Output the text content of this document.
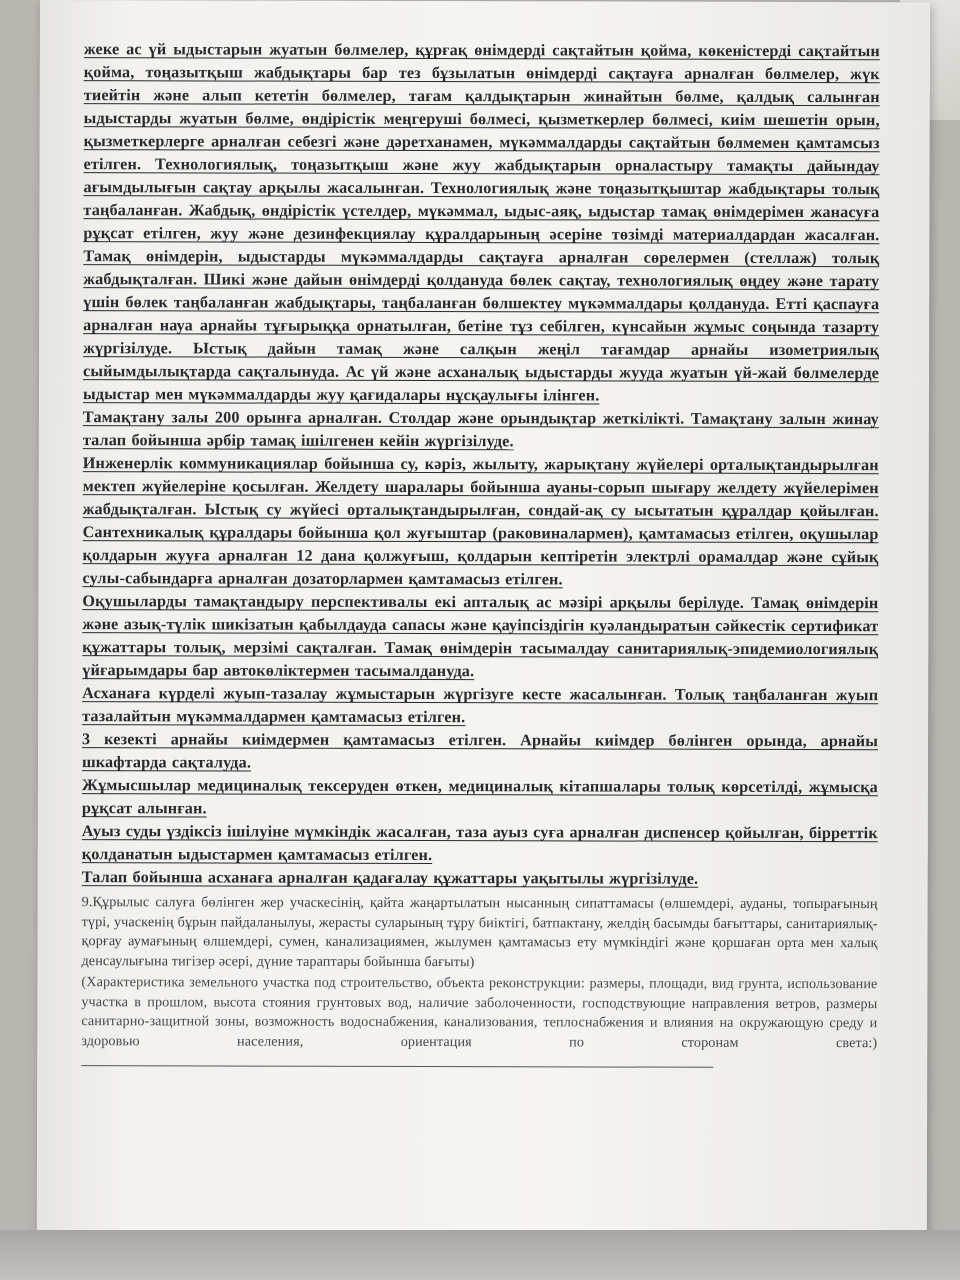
жеке ас үй ыдыстарын жуатын бөлмелер, құрғақ өнімдерді сақтайтын қойма, көкеністерді сақтайтын қойма, тоңазытқыш жабдықтары бар тез бұзылатын өнімдерді сақтауға арналған бөлмелер, жүк тиейтін және алып кететін бөлмелер, тағам қалдықтарын жинайтын бөлме, қалдық салынған ыдыстарды жуатын бөлме, өндірістік меңгеруші бөлмесі, қызметкерлер бөлмесі, киім шешетін орын, қызметкерлерге арналған себезгі және дәретханамен, мүкәммалдарды сақтайтын бөлмемен қамтамсыз етілген. Технологиялық, тоңазытқыш және жуу жабдықтарын орналастыру тамақты дайындау ағымдылығын сақтау арқылы жасалынған. Технологиялық және тоңазытқыштар жабдықтары толық таңбаланған. Жабдық, өндірістік үстелдер, мүкәммал, ыдыс-аяқ, ыдыстар тамақ өнімдерімен жанасуға рұқсат етілген, жуу және дезинфекциялау құралдарының әсеріне төзімді материалдардан жасалған. Тамақ өнімдерін, ыдыстарды мүкәммалдарды сақтауға арналған сөрелермен (стеллаж) толық жабдықталған. Шикі және дайын өнімдерді қолдануда бөлек сақтау, технологиялық өңдеу және тарату үшін бөлек таңбаланған жабдықтары, таңбаланған бөлшектеу мүкәммалдары қолдануда. Етті қаспауға арналған науа арнайы тұғырыққа орнатылған, бетіне тұз себілген, күнсайын жұмыс соңында тазарту жүргізілуде. Ыстық дайын тамақ және салқын жеңіл тағамдар арнайы изометриялық сыйымдылықтарда сақталынуда. Ас үй және асханалық ыдыстарды жууда жуатын үй-жай бөлмелерде ыдыстар мен мүкәммалдарды жуу қағидалары нұсқаулығы ілінген.

Тамақтану залы 200 орынға арналған. Столдар және орындықтар жеткілікті. Тамақтану залын жинау талап бойынша әрбір тамақ ішілгенен кейін жүргізілуде.

Инженерлік коммуникациялар бойынша су, кәріз, жылыту, жарықтану жүйелері орталықтандырылған мектеп жүйелеріне қосылған. Желдету шаралары бойынша ауаны-сорып шығару желдету жүйелерімен жабдықталған. Ыстық су жүйесі орталықтандырылған, сондай-ақ су ысытатын құралдар қойылған. Сантехникалық құралдары бойынша қол жуғыштар (раковиналармен), қамтамасыз етілген, оқушылар қолдарын жууға арналған 12 дана қолжуғыш, қолдарын кептіретін электрлі орамалдар және сұйық сулы-сабындарға арналған дозаторлармен қамтамасыз етілген.

Оқушыларды тамақтандыру перспективалы екі апталық ас мәзірі арқылы берілуде. Тамақ өнімдерін және азық-түлік шикізатын қабылдауда сапасы және қауіпсіздігін куәландыратын сәйкестік сертификат құжаттары толық, мерзімі сақталған. Тамақ өнімдерін тасымалдау санитариялық-эпидемиологиялық үйғарымдары бар автокөліктермен тасымалдануда.

Асханаға күрделі жуып-тазалау жұмыстарын жүргізуге кесте жасалынған. Толық таңбаланған жуып тазалайтын мүкәммалдармен қамтамасыз етілген.

3 кезекті арнайы киімдермен қамтамасыз етілген. Арнайы киімдер бөлінген орында, арнайы шкафтарда сақталуда.

Жұмысшылар медициналық тексеруден өткен, медициналық кітапшалары толық көрсетілді, жұмысқа рұқсат алынған.

Ауыз суды үздіксіз ішілуіне мүмкіндік жасалған, таза ауыз суға арналған диспенсер қойылған, бірреттік қолданатын ыдыстармен қамтамасыз етілген.

Талап бойынша асханаға арналған қадағалау құжаттары уақытылы жүргізілуде.

9.Құрылыс салуға бөлінген жер учаскесінің, қайта жаңартылатын нысанның сипаттамасы (өлшемдері, ауданы, топырағының түрі, учаскенің бұрын пайдаланылуы, жерасты суларының тұру биіктігі, батпактану, желдің басымды бағыттары, санитариялық-қорғау аумағының өлшемдері, сумен, канализациямен, жылумен қамтамасыз ету мүмкіндігі және қоршаған орта мен халық денсаулығына тигізер әсері, дүние тараптары бойынша бағыты)

(Характеристика земельного участка под строительство, объекта реконструкции: размеры, площади, вид грунта, использование участка в прошлом, высота стояния грунтовых вод, наличие заболоченности, господствующие направления ветров, размеры санитарно-защитной зоны, возможность водоснабжения, канализования, теплоснабжения и влияния на окружающую среду и здоровью населения, ориентация по сторонам света:)
